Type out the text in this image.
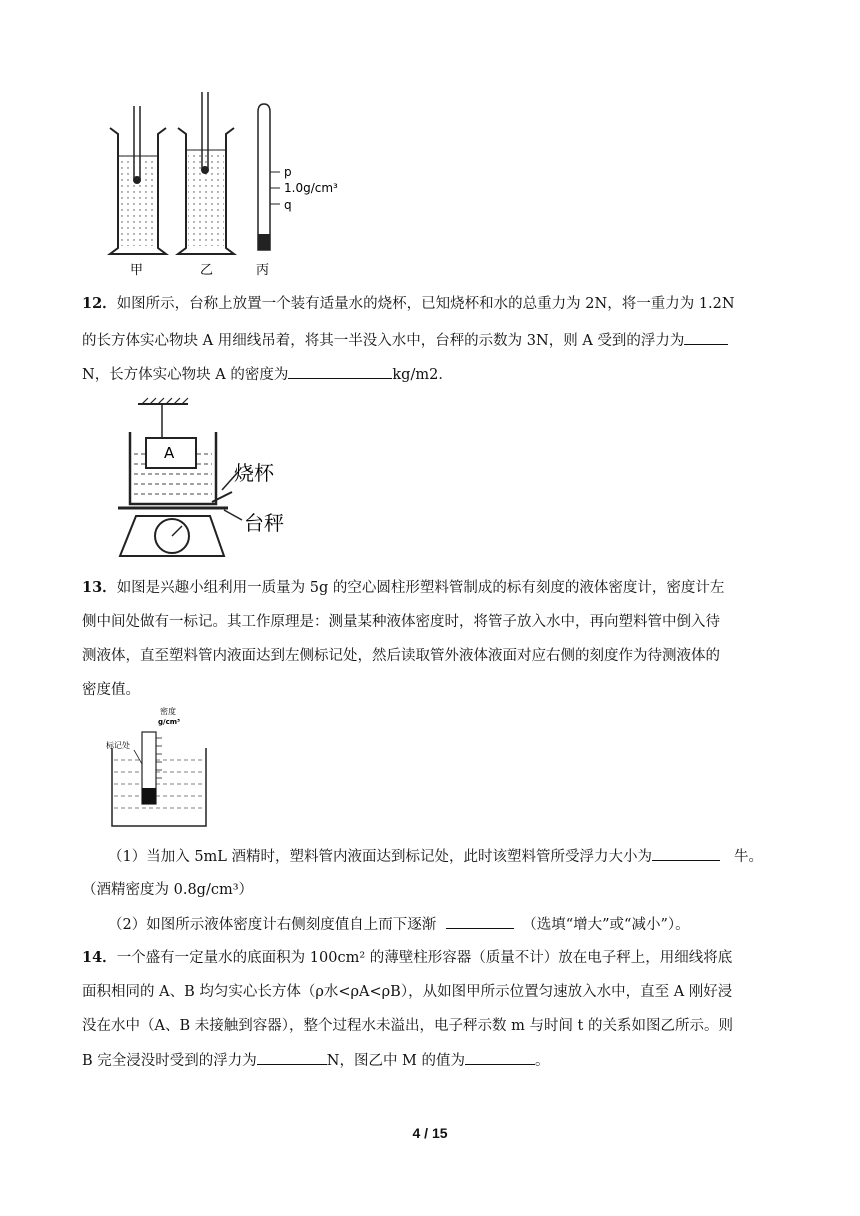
p
1.0g/cm³
q
甲	乙	丙
12．如图所示，台称上放置一个装有适量水的烧杯，已知烧杯和水的总重力为 2N，将一重力为 1.2N
的长方体实心物块 A 用细线吊着，将其一半没入水中，台秤的示数为 3N，则 A 受到的浮力为
N，长方体实心物块 A 的密度为	kg/m2．
A
烧杯
台秤
13．如图是兴趣小组利用一质量为 5g 的空心圆柱形塑料管制成的标有刻度的液体密度计，密度计左
侧中间处做有一标记。其工作原理是：测量某种液体密度时，将管子放入水中，再向塑料管中倒入待
测液体，直至塑料管内液面达到左侧标记处，然后读取管外液体液面对应右侧的刻度作为待测液体的
密度值。
密度
g/cm³
标记处
（1）当加入 5mL 酒精时，塑料管内液面达到标记处，此时该塑料管所受浮力大小为	牛。
（酒精密度为 0.8g/cm³）
（2）如图所示液体密度计右侧刻度值自上而下逐渐	（选填“增大”或“减小”）。
14．一个盛有一定量水的底面积为 100cm² 的薄壁柱形容器（质量不计）放在电子秤上，用细线将底
面积相同的 A、B 均匀实心长方体（ρ水<ρA<ρB），从如图甲所示位置匀速放入水中，直至 A 刚好浸
没在水中（A、B 未接触到容器），整个过程水未溢出，电子秤示数 m 与时间 t 的关系如图乙所示。则
B 完全浸没时受到的浮力为	N，图乙中 M 的值为	。
4 / 15
